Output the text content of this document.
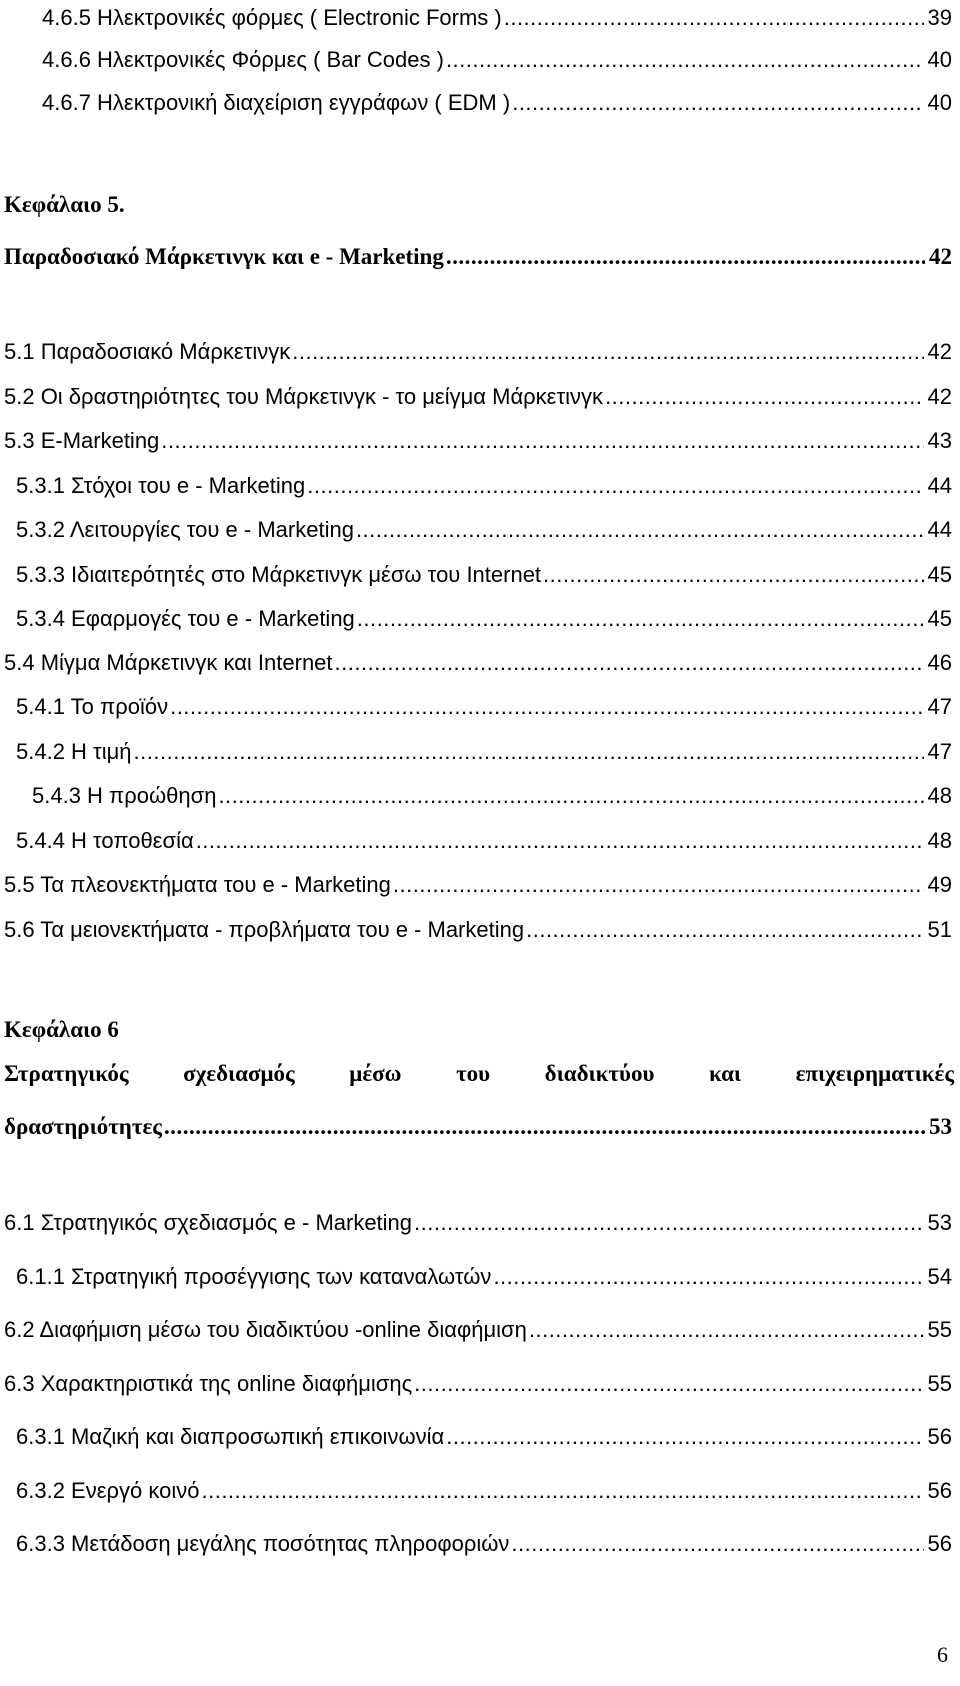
4.6.5 Ηλεκτρονικές φόρμες ( Electronic Forms ) .....	39
4.6.6 Ηλεκτρονικές Φόρμες ( Bar Codes ) .....	40
4.6.7 Ηλεκτρονική διαχείριση εγγράφων ( EDM ) .....	40
Κεφάλαιο 5.
Παραδοσιακό Μάρκετινγκ και e - Marketing .....	42
5.1 Παραδοσιακό Μάρκετινγκ .....	42
5.2 Οι δραστηριότητες του Μάρκετινγκ - το μείγμα Μάρκετινγκ .....	42
5.3 E-Marketing .....	43
5.3.1 Στόχοι του e - Marketing .....	44
5.3.2 Λειτουργίες του e - Marketing .....	44
5.3.3 Ιδιαιτερότητές στο Μάρκετινγκ μέσω του Internet .....	45
5.3.4 Εφαρμογές του e - Marketing .....	45
5.4 Μίγμα Μάρκετινγκ και Internet .....	46
5.4.1 Το προϊόν .....	47
5.4.2 Η τιμή .....	47
5.4.3 Η προώθηση .....	48
5.4.4 Η τοποθεσία .....	48
5.5 Τα πλεονεκτήματα του e - Marketing .....	49
5.6 Τα μειονεκτήματα - προβλήματα του e - Marketing .....	51
Κεφάλαιο 6
Στρατηγικός σχεδιασμός μέσω του διαδικτύου και επιχειρηματικές
δραστηριότητες .....	53
6.1 Στρατηγικός σχεδιασμός e - Marketing .....	53
6.1.1 Στρατηγική προσέγγισης των καταναλωτών .....	54
6.2 Διαφήμιση μέσω του διαδικτύου -online διαφήμιση .....	55
6.3 Χαρακτηριστικά της online διαφήμισης .....	55
6.3.1 Μαζική και διαπροσωπική επικοινωνία .....	56
6.3.2 Ενεργό κοινό .....	56
6.3.3 Μετάδοση μεγάλης ποσότητας πληροφοριών .....	56
6
